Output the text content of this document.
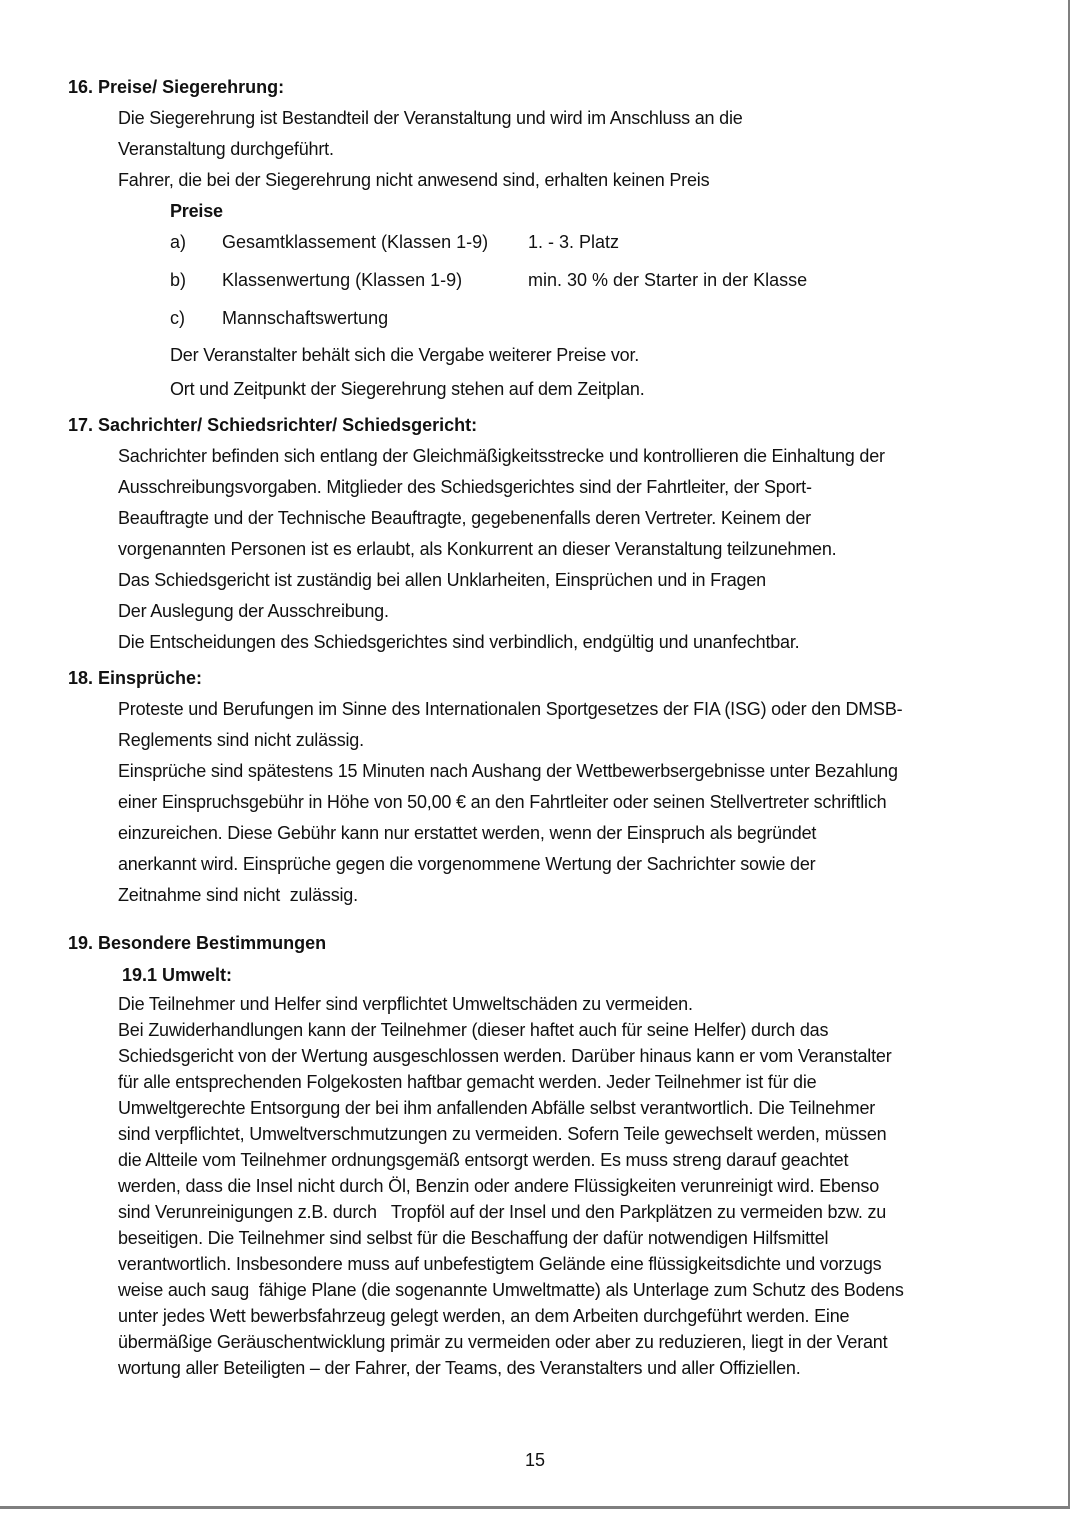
16. Preise/ Siegerehrung:
Die Siegerehrung ist Bestandteil der Veranstaltung und wird im Anschluss an die
Veranstaltung durchgeführt.
Fahrer, die bei der Siegerehrung nicht anwesend sind, erhalten keinen Preis
Preise
a)	Gesamtklassement (Klassen 1-9)	1. - 3. Platz
b)	Klassenwertung (Klassen 1-9)	min. 30 % der Starter in der Klasse
c)	Mannschaftswertung
Der Veranstalter behält sich die Vergabe weiterer Preise vor.
Ort und Zeitpunkt der Siegerehrung stehen auf dem Zeitplan.
17. Sachrichter/ Schiedsrichter/ Schiedsgericht:
Sachrichter befinden sich entlang der Gleichmäßigkeitsstrecke und kontrollieren die Einhaltung der
Ausschreibungsvorgaben. Mitglieder des Schiedsgerichtes sind der Fahrtleiter, der Sport-
Beauftragte und der Technische Beauftragte, gegebenenfalls deren Vertreter. Keinem der
vorgenannten Personen ist es erlaubt, als Konkurrent an dieser Veranstaltung teilzunehmen.
Das Schiedsgericht ist zuständig bei allen Unklarheiten, Einsprüchen und in Fragen
Der Auslegung der Ausschreibung.
Die Entscheidungen des Schiedsgerichtes sind verbindlich, endgültig und unanfechtbar.
18. Einsprüche:
Proteste und Berufungen im Sinne des Internationalen Sportgesetzes der FIA (ISG) oder den DMSB-
Reglements sind nicht zulässig.
Einsprüche sind spätestens 15 Minuten nach Aushang der Wettbewerbsergebnisse unter Bezahlung
einer Einspruchsgebühr in Höhe von 50,00 € an den Fahrtleiter oder seinen Stellvertreter schriftlich
einzureichen. Diese Gebühr kann nur erstattet werden, wenn der Einspruch als begründet
anerkannt wird. Einsprüche gegen die vorgenommene Wertung der Sachrichter sowie der
Zeitnahme sind nicht  zulässig.
19. Besondere Bestimmungen
19.1 Umwelt:
Die Teilnehmer und Helfer sind verpflichtet Umweltschäden zu vermeiden.
Bei Zuwiderhandlungen kann der Teilnehmer (dieser haftet auch für seine Helfer) durch das
Schiedsgericht von der Wertung ausgeschlossen werden. Darüber hinaus kann er vom Veranstalter
für alle entsprechenden Folgekosten haftbar gemacht werden. Jeder Teilnehmer ist für die
Umweltgerechte Entsorgung der bei ihm anfallenden Abfälle selbst verantwortlich. Die Teilnehmer
sind verpflichtet, Umweltverschmutzungen zu vermeiden. Sofern Teile gewechselt werden, müssen
die Altteile vom Teilnehmer ordnungsgemäß entsorgt werden. Es muss streng darauf geachtet
werden, dass die Insel nicht durch Öl, Benzin oder andere Flüssigkeiten verunreinigt wird. Ebenso
sind Verunreinigungen z.B. durch   Tropföl auf der Insel und den Parkplätzen zu vermeiden bzw. zu
beseitigen. Die Teilnehmer sind selbst für die Beschaffung der dafür notwendigen Hilfsmittel
verantwortlich. Insbesondere muss auf unbefestigtem Gelände eine flüssigkeitsdichte und vorzugs
weise auch saug  fähige Plane (die sogenannte Umweltmatte) als Unterlage zum Schutz des Bodens
unter jedes Wett bewerbsfahrzeug gelegt werden, an dem Arbeiten durchgeführt werden. Eine
übermäßige Geräuschentwicklung primär zu vermeiden oder aber zu reduzieren, liegt in der Verant
wortung aller Beteiligten – der Fahrer, der Teams, des Veranstalters und aller Offiziellen.
15
